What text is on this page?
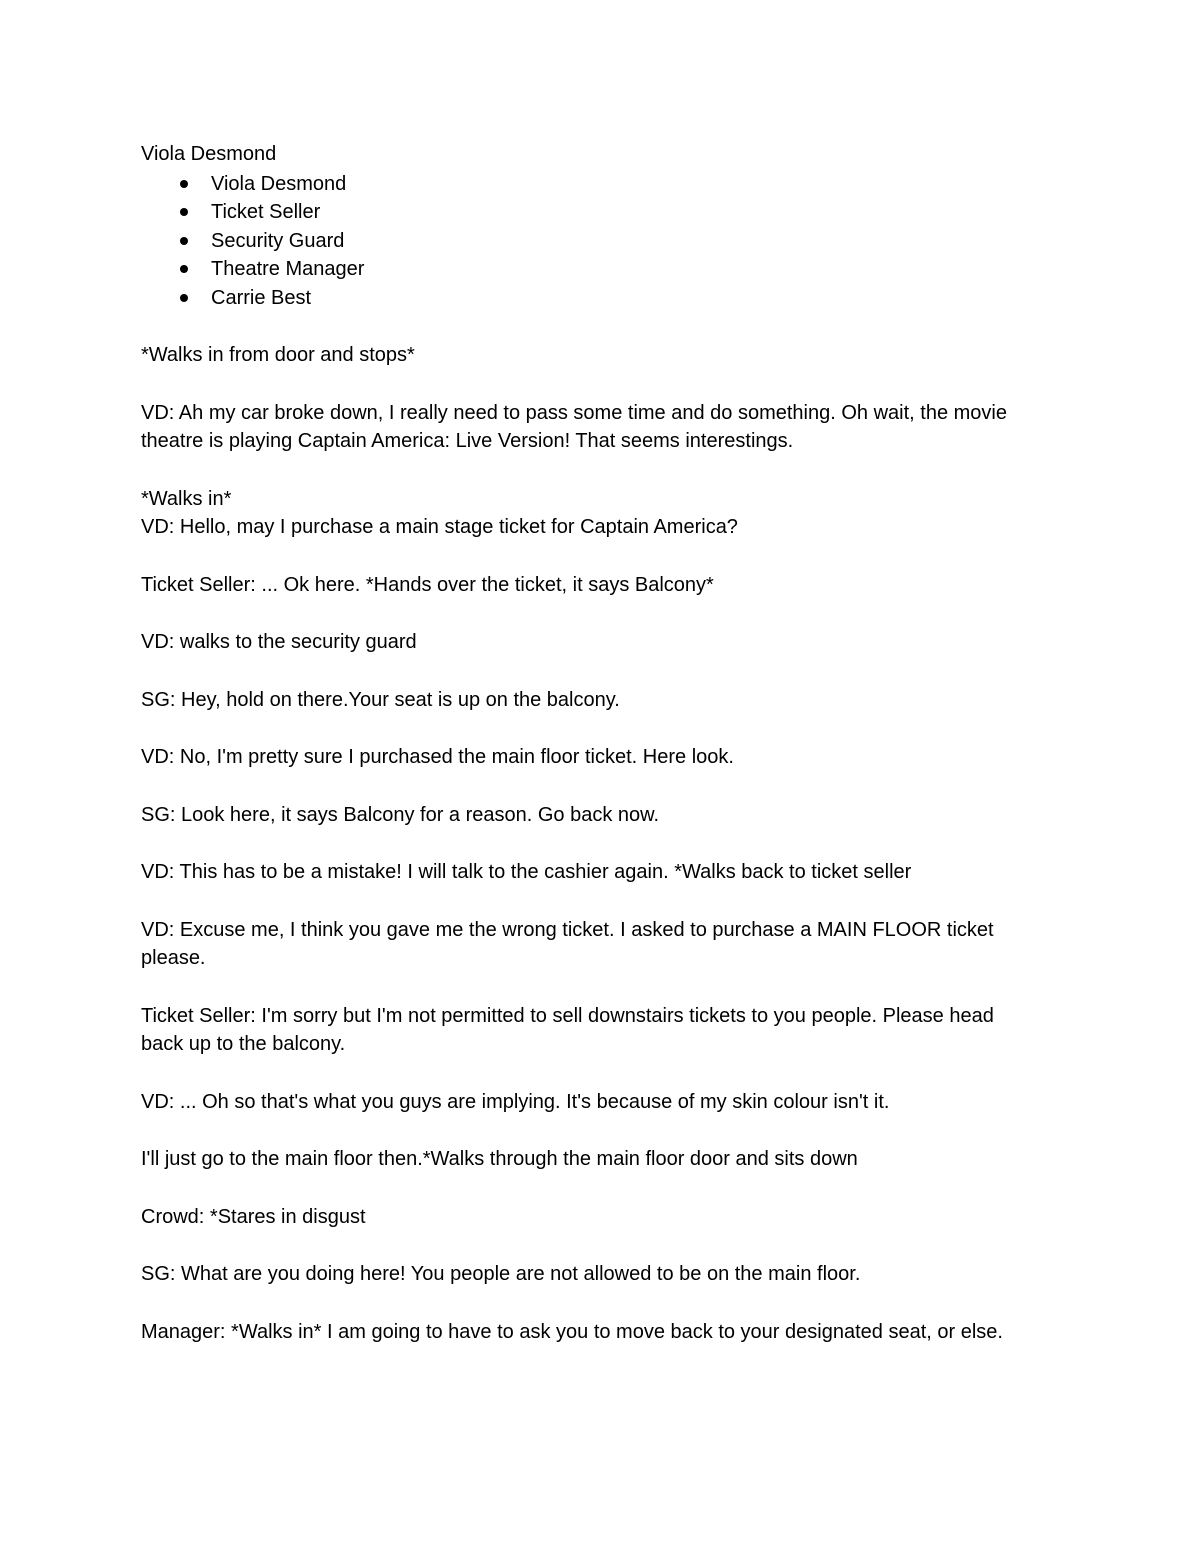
Viola Desmond

Viola Desmond
Ticket Seller
Security Guard
Theatre Manager
Carrie Best

*Walks in from door and stops*

VD: Ah my car broke down, I really need to pass some time and do something. Oh wait, the movie theatre is playing Captain America: Live Version! That seems interestings.

*Walks in*

VD: Hello, may I purchase a main stage ticket for Captain America?

Ticket Seller: ... Ok here. *Hands over the ticket, it says Balcony*

VD: walks to the security guard

SG: Hey, hold on there.Your seat is up on the balcony.

VD: No, I'm pretty sure I purchased the main floor ticket. Here look.

SG: Look here, it says Balcony for a reason. Go back now.

VD: This has to be a mistake! I will talk to the cashier again. *Walks back to ticket seller

VD: Excuse me, I think you gave me the wrong ticket. I asked to purchase a MAIN FLOOR ticket please.

Ticket Seller: I'm sorry but I'm not permitted to sell downstairs tickets to you people. Please head back up to the balcony.

VD: ... Oh so that's what you guys are implying. It's because of my skin colour isn't it.

I'll just go to the main floor then.*Walks through the main floor door and sits down

Crowd: *Stares in disgust

SG: What are you doing here! You people are not allowed to be on the main floor.

Manager: *Walks in* I am going to have to ask you to move back to your designated seat, or else.
